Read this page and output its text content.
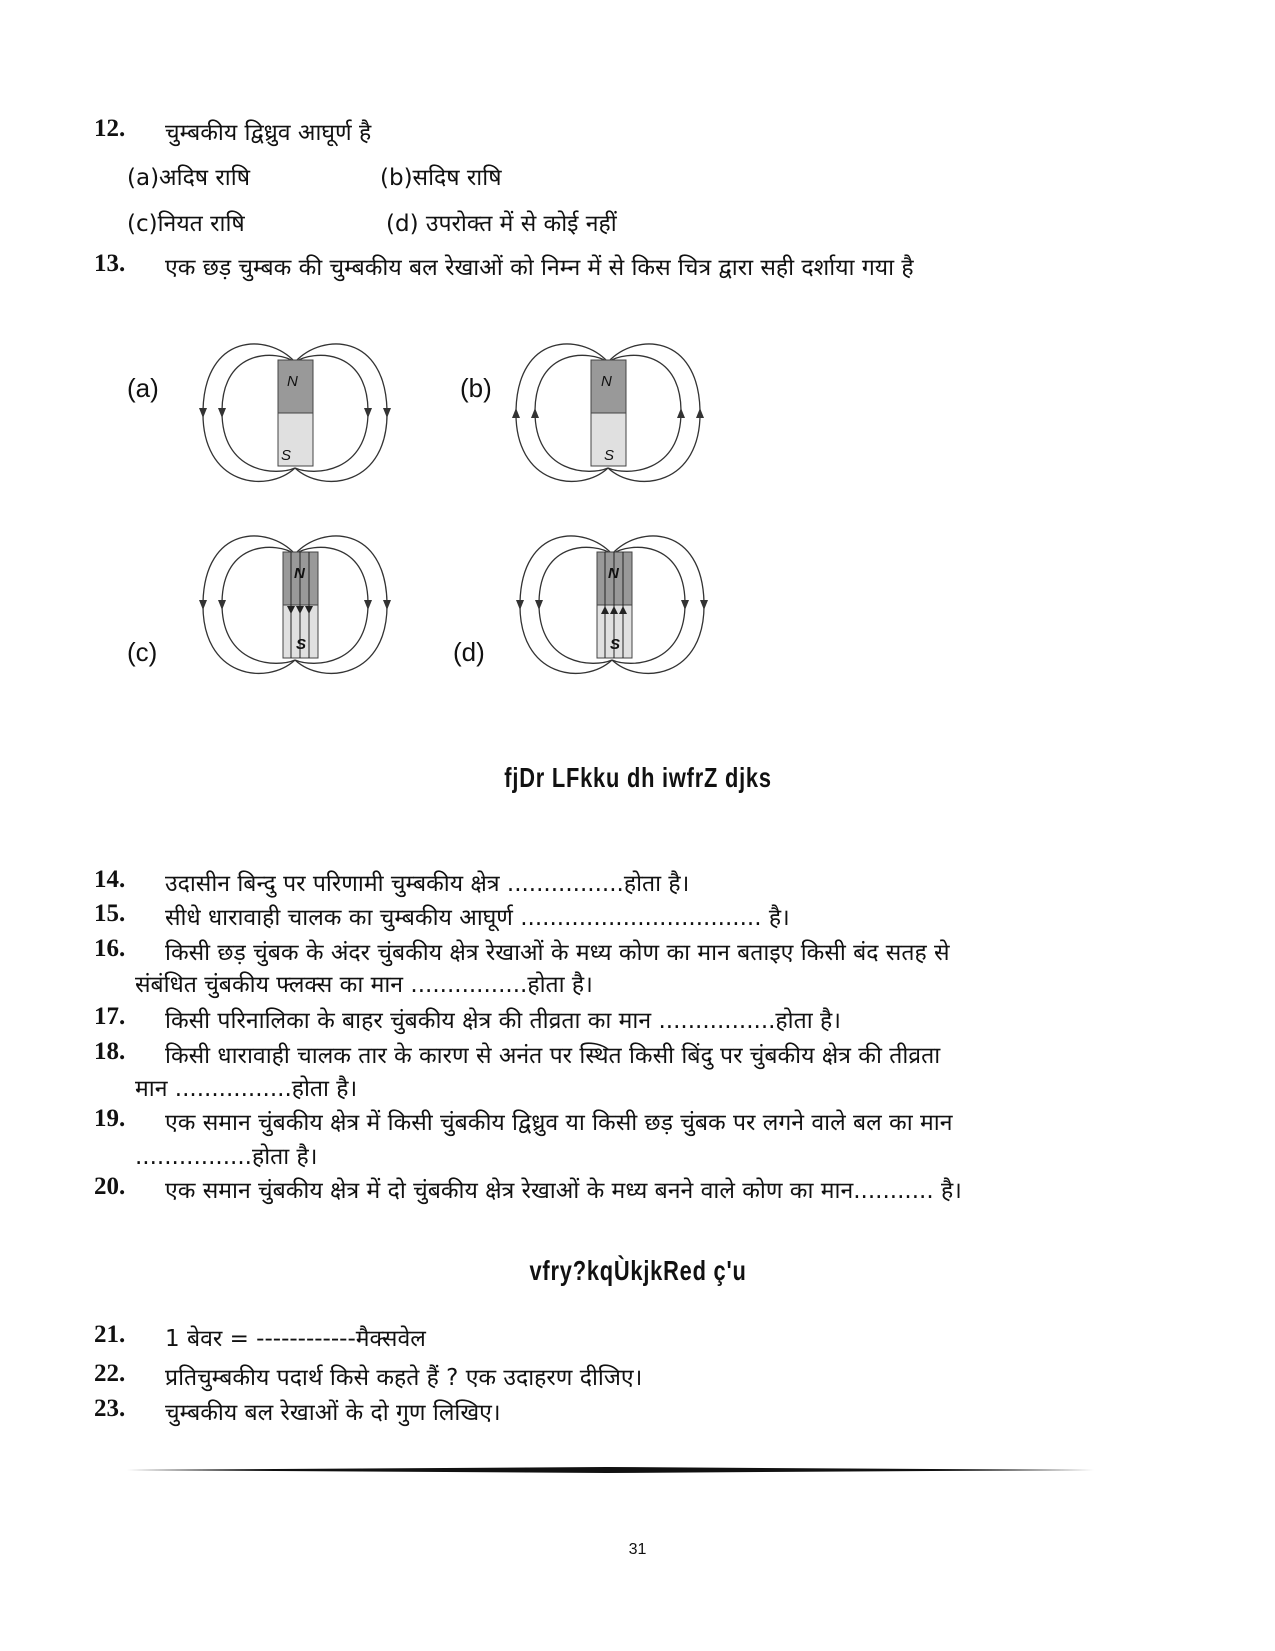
12. चुम्बकीय द्विध्रुव आघूर्ण है
(a)अदिष राषि	(b)सदिष राषि
(c)नियत राषि	(d) उपरोक्त में से कोई नहीं
13. एक छड़ चुम्बक की चुम्बकीय बल रेखाओं को निम्न में से किस चित्र द्वारा सही दर्शाया गया है
(a)	(b)
(c)	(d)
N
S
N
S
N
S
N
S
fjDr LFkku dh iwfrZ djks
14. उदासीन बिन्दु पर परिणामी चुम्बकीय क्षेत्र ................होता है।
15. सीधे धारावाही चालक का चुम्बकीय आघूर्ण ................................. है।
16. किसी छड़ चुंबक के अंदर चुंबकीय क्षेत्र रेखाओं के मध्य कोण का मान बताइए किसी बंद सतह से
संबंधित चुंबकीय फ्लक्स का मान ................होता है।
17. किसी परिनालिका के बाहर चुंबकीय क्षेत्र की तीव्रता का मान ................होता है।
18. किसी धारावाही चालक तार के कारण से अनंत पर स्थित किसी बिंदु पर चुंबकीय क्षेत्र की तीव्रता
मान ................होता है।
19. एक समान चुंबकीय क्षेत्र में किसी चुंबकीय द्विध्रुव या किसी छड़ चुंबक पर लगने वाले बल का मान
................होता है।
20. एक समान चुंबकीय क्षेत्र में दो चुंबकीय क्षेत्र रेखाओं के मध्य बनने वाले कोण का मान........... है।
vfry?kqÙkjkRed ç'u
21. 1 बेवर = ------------मैक्सवेल
22. प्रतिचुम्बकीय पदार्थ किसे कहते हैं ? एक उदाहरण दीजिए।
23. चुम्बकीय बल रेखाओं के दो गुण लिखिए।
31
